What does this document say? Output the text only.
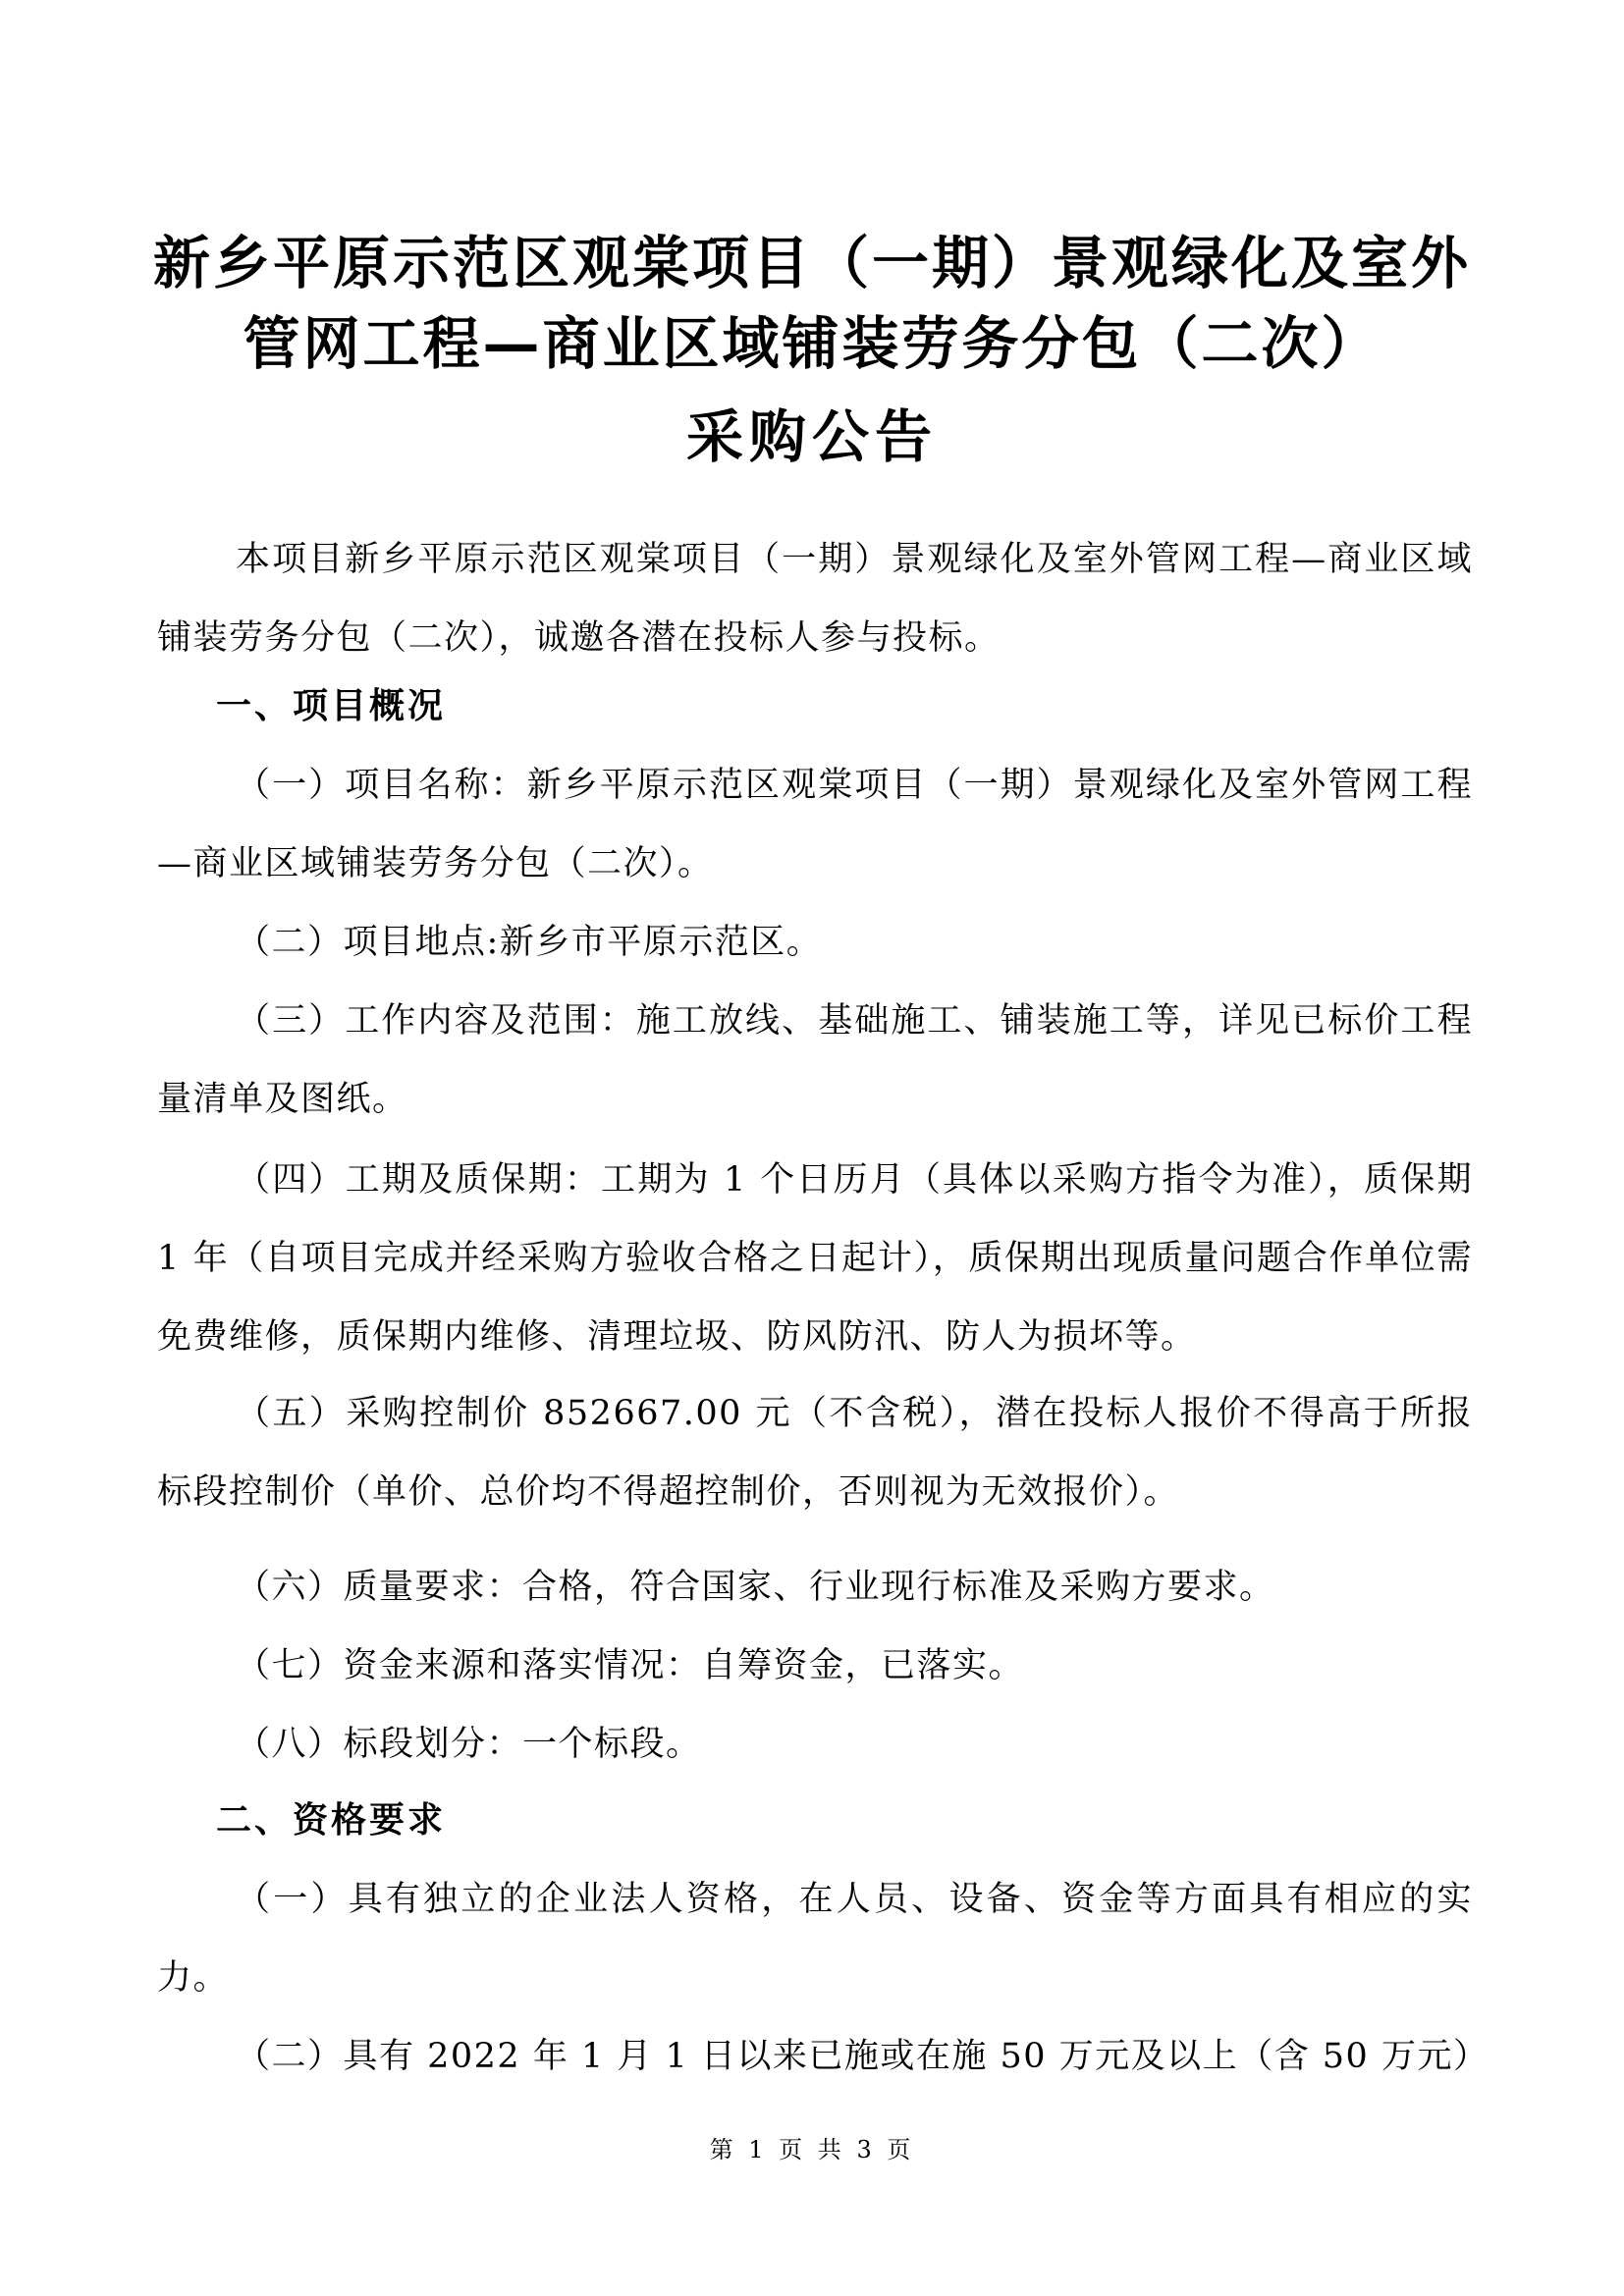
新乡平原示范区观棠项目（一期）景观绿化及室外
管网工程—商业区域铺装劳务分包（二次）
采购公告

本项目新乡平原示范区观棠项目（一期）景观绿化及室外管网工程—商业区域铺装劳务分包（二次），诚邀各潜在投标人参与投标。

一、项目概况

（一）项目名称：新乡平原示范区观棠项目（一期）景观绿化及室外管网工程—商业区域铺装劳务分包（二次）。

（二）项目地点:新乡市平原示范区。

（三）工作内容及范围：施工放线、基础施工、铺装施工等，详见已标价工程量清单及图纸。

（四）工期及质保期：工期为 1 个日历月（具体以采购方指令为准），质保期 1 年（自项目完成并经采购方验收合格之日起计），质保期出现质量问题合作单位需免费维修，质保期内维修、清理垃圾、防风防汛、防人为损坏等。

（五）采购控制价 852667.00 元（不含税），潜在投标人报价不得高于所报标段控制价（单价、总价均不得超控制价，否则视为无效报价）。

（六）质量要求：合格，符合国家、行业现行标准及采购方要求。

（七）资金来源和落实情况：自筹资金，已落实。

（八）标段划分：一个标段。

二、资格要求

（一）具有独立的企业法人资格，在人员、设备、资金等方面具有相应的实力。

（二）具有 2022 年 1 月 1 日以来已施或在施 50 万元及以上（含 50 万元）

第 1 页 共 3 页
